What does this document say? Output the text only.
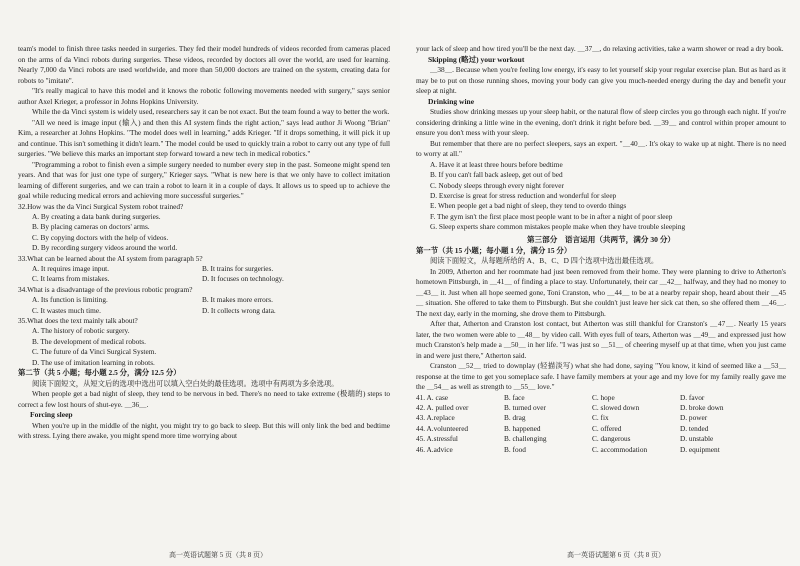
team's model to finish three tasks needed in surgeries. They fed their model hundreds of videos recorded from cameras placed on the arms of da Vinci robots during surgeries. These videos, recorded by doctors all over the world, are used for learning. Nearly 7,000 da Vinci robots are used worldwide, and more than 50,000 doctors are trained on the system, creating data for robots to "imitate".

"It's really magical to have this model and it knows the robotic following movements needed with surgery," says senior author Axel Krieger, a professor in Johns Hopkins University.

While the da Vinci system is widely used, researchers say it can be not exact. But the team found a way to better the work.

"All we need is image input (输入) and then this AI system finds the right action," says lead author Ji Woong "Brian" Kim, a researcher at Johns Hopkins. "The model does well in learning," adds Krieger. "If it drops something, it will pick it up and continue. This isn't something it didn't learn." The model could be used to quickly train a robot to carry out any type of full surgeries. "We believe this marks an important step forward toward a new tech in medical robotics."

"Programming a robot to finish even a simple surgery needed to number every step in the past. Someone might spend ten years. And that was for just one type of surgery," Krieger says. "What is new here is that we only have to collect imitation learning of different surgeries, and we can train a robot to learn it in a couple of days. It allows us to speed up to achieve the goal while reducing medical errors and achieving more successful surgeries."

32.How was the da Vinci Surgical System robot trained?

A. By creating a data bank during surgeries.

B. By placing cameras on doctors' arms.

C. By copying doctors with the help of videos.

D. By recording surgery videos around the world.

33.What can be learned about the AI system from paragraph 5?

A. It requires image input.	B. It trains for surgeries.
C. It learns from mistakes.	D. It focuses on technology.

34.What is a disadvantage of the previous robotic program?

A. Its function is limiting.	B. It makes more errors.
C. It wastes much time.	D. It collects wrong data.

35.What does the text mainly talk about?

A. The history of robotic surgery.

B. The development of medical robots.

C. The future of da Vinci Surgical System.

D. The use of imitation learning in robots.

第二节（共 5 小题；每小题 2.5 分，满分 12.5 分）

阅读下面短文，从短文后的选项中选出可以填入空白处的最佳选项。选项中有两项为多余选项。

When people get a bad night of sleep, they tend to be nervous in bed. There's no need to take extreme (极端的) steps to correct a few lost hours of shut-eye. ＿36＿.

Forcing sleep

When you're up in the middle of the night, you might try to go back to sleep. But this will only link the bed and bedtime with stress. Lying there awake, you might spend more time worrying about

高一英语试题第 5 页（共 8 页）

your lack of sleep and how tired you'll be the next day. ＿37＿, do relaxing activities, take a warm shower or read a dry book.

Skipping (略过) your workout

＿38＿. Because when you're feeling low energy, it's easy to let yourself skip your regular exercise plan. But as hard as it may be to put on those running shoes, moving your body can give you much-needed energy during the day and benefit your sleep at night.

Drinking wine

Studies show drinking messes up your sleep habit, or the natural flow of sleep circles you go through each night. If you're considering drinking a little wine in the evening, don't drink it right before bed. ＿39＿ and control within proper amount to ensure you don't mess with your sleep.

But remember that there are no perfect sleepers, says an expert. "＿40＿. It's okay to wake up at night. There is no need to worry at all."

A. Have it at least three hours before bedtime

B. If you can't fall back asleep, get out of bed

C. Nobody sleeps through every night forever

D. Exercise is great for stress reduction and wonderful for sleep

E. When people get a bad night of sleep, they tend to overdo things

F. The gym isn't the first place most people want to be in after a night of poor sleep

G. Sleep experts share common mistakes people make when they have trouble sleeping

第三部分　语言运用（共两节，满分 30 分）

第一节（共 15 小题；每小题 1 分，满分 15 分）

阅读下面短文，从每题所给的 A、B、C、D 四个选项中选出最佳选项。

In 2009, Atherton and her roommate had just been removed from their home. They were planning to drive to Atherton's hometown Pittsburgh, in ＿41＿ of finding a place to stay. Unfortunately, their car ＿42＿ halfway, and they had no money to ＿43＿ it. Just when all hope seemed gone, Toni Cranston, who ＿44＿ to be at a nearby repair shop, heard about their ＿45＿ situation. She offered to take them to Pittsburgh. But she couldn't just leave her sick cat then, so she offered them ＿46＿. The next day, early in the morning, she drove them to Pittsburgh.

After that, Atherton and Cranston lost contact, but Atherton was still thankful for Cranston's ＿47＿. Nearly 15 years later, the two women were able to ＿48＿ by video call. With eyes full of tears, Atherton was ＿49＿ and expressed just how much Cranston's help made a ＿50＿ in her life. "I was just so ＿51＿ of cheering myself up at that time, when you just came in and were just there," Atherton said.

Cranston ＿52＿ tried to downplay (轻描淡写) what she had done, saying "You know, it kind of seemed like a ＿53＿ response at the time to get you someplace safe. I have family members at your age and my love for my family really gave me the ＿54＿ as well as strength to ＿55＿ love."

41. A. case	B. face	C. hope	D. favor
42. A. pulled over	B. turned over	C. slowed down	D. broke down
43. A.replace	B. drag	C. fix	D. power
44. A.volunteered	B. happened	C. offered	D. tended
45. A.stressful	B. challenging	C. dangerous	D. unstable
46. A.advice	B. food	C. accommodation	D. equipment
高一英语试题第 6 页（共 8 页）
